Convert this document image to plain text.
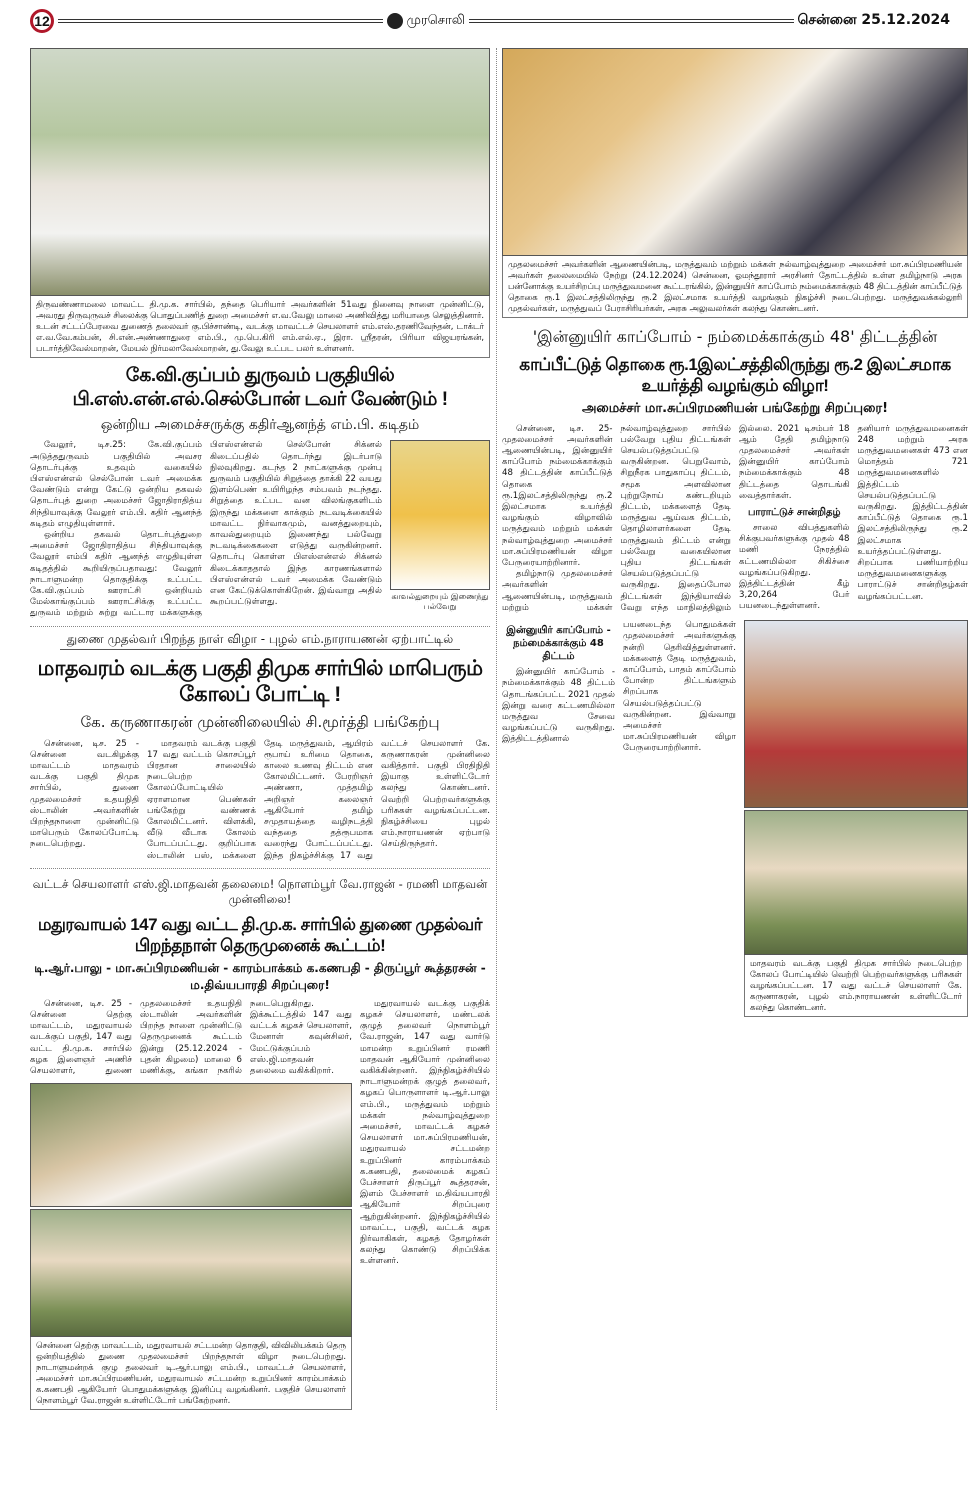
12	முரசொலி	சென்னை 25.12.2024
திருவண்ணாமலை மாவட்ட தி.மு.க. சார்பில், தந்தை பெரியார் அவர்களின் 51வது நினைவு நாளை முன்னிட்டு, அவரது திருவுருவச் சிலைக்கு பொதுப்பணித் துறை அமைச்சர் எ.வ.வேலு மாலை அணிவித்து மரியாதை செலுத்தினார். உடன் சட்டப்பேரவை துணைத் தலைவர் கு.பிச்சாண்டி, வடக்கு மாவட்டச் செயலாளர் எம்.எஸ்.தரணிவேந்தன், டாக்டர் எ.வ.வே.கம்பன், சி.என்.அண்ணாதுரை எம்.பி., மு.பெ.கிரி எம்.எல்.ஏ., இரா. ஸ்ரீதரன், பிரியா விஜயரங்கன், படார்த்திவேல்மாறன், மேயல் நிர்மலாவேல்மாறன், து.வேலு உட்பட பலர் உள்ளனர்.
கே.வி.குப்பம் துருவம் பகுதியில் பி.எஸ்.என்.எல்.செல்போன் டவர் வேண்டும் !
ஒன்றிய அமைச்சருக்கு கதிர்ஆனந்த் எம்.பி. கடிதம்

வேலூர், டிச.25: கே.வி.குப்பம் அடுத்ததுருவம் பகுதியில் அவசர தொடர்புக்கு உதவும் வகையில் பிஎஸ்என்எல் செல்போன் டவர் அமைக்க வேண்டும் என்று கேட்டு ஒன்றிய தகவல் தொடர்புத் துறை அமைச்சர் ஜோதிராதித்ய சிந்தியாவுக்கு வேலூர் எம்.பி. கதிர் ஆனந்த் கடிதம் எழுதியுள்ளார்.

ஒன்றிய தகவல் தொடர்புத்துறை அமைச்சர் ஜோதிராதித்ய சிந்தியாவுக்கு வேலூர் எம்பி கதிர் ஆனந்த் எழுதியுள்ள கடிதத்தில் கூறியிருப்பதாவது: வேலூர் நாடாளுமன்ற தொகுதிக்கு உட்பட்ட கே.வி.குப்பம் ஊராட்சி ஒன்றியம் மேல்காங்குப்பம் ஊராட்சிக்கு உட்பட்ட துருவம் மற்றும் சுற்று வட்டார மக்களுக்கு பிஎஸ்என்எல் செல்போன் சிக்னல் கிடைப்பதில் தொடர்ந்து இடர்பாடு நிலவுகிறது. கடந்த 2 நாட்களுக்கு முன்பு துருவம் பகுதியில் சிறுத்தை தாக்கி 22 வயது இளம்பெண் உயிரிழந்த சம்பவம் நடந்தது. சிறுத்தை உட்பட வன விலங்குகளிடம் இருந்து மக்களை காக்கும் நடவடிக்கையில் மாவட்ட நிர்வாகமும், வனத்துறையும், காவல்துறையும் இணைந்து பல்வேறு நடவடிக்கைகளை எடுத்து வருகின்றனர். தொடர்பு கொள்ள பிஎஸ்என்எல் சிக்னல் கிடைக்காததால் இந்த காரணங்களால் பிஎஸ்என்எல் டவர் அமைக்க வேண்டும் என கேட்டுக்கொள்கிறேன். இவ்வாறு அதில் கூறப்பட்டுள்ளது.

காவல்துறையும் இணைந்து பல்வேறு
துணை முதல்வர் பிறந்த நாள் விழா - புழல் எம்.நாராயணன் ஏற்பாட்டில்
மாதவரம் வடக்கு பகுதி திமுக சார்பில் மாபெரும் கோலப் போட்டி !
கே. கருணாகரன் முன்னிலையில் சி.மூர்த்தி பங்கேற்பு

சென்னை, டிச. 25 - சென்னை வடகிழக்கு மாவட்டம் மாதவரம் வடக்கு பகுதி திமுக சார்பில், துணை முதலமைச்சர் உதயநிதி ஸ்டாலின் அவர்களின் பிறந்தநாளை முன்னிட்டு மாபெரும் கோலப்போட்டி நடைபெற்றது.

மாதவரம் வடக்கு பகுதி 17 வது வட்டம் கொசப்பூர் பிரதான சாலையில் நடைபெற்ற கோலப்போட்டியில் ஏராளமான பெண்கள் பங்கேற்று வண்ணக் கோலமிட்டனர். விளக்கி, வீடு வீடாக கோலம் போடப்பட்டது. குறிப்பாக ஸ்டாலின் பஸ், மக்களை தேடி மருத்துவம், ஆயிரம் ரூபாய் உரிமை தொகை, காலை உணவு திட்டம் என கோலமிட்டனர். பேரறிஞர் அண்ணா, முத்தமிழ் அறிஞர் கலைஞர் ஆகியோர் தமிழ் சமுதாயத்தை வழிநடத்தி வந்ததை தத்ரூபமாக வரைந்து போட்டப்பட்டது. இந்த நிகழ்ச்சிக்கு 17 வது வட்டச் செயலாளர் கே. கருணாகரன் முன்னிலை வகித்தார். பகுதி பிரதிநிதி இயாகு உள்ளிட்டோர் கலந்து கொண்டனர். வெற்றி பெற்றவர்களுக்கு பரிசுகள் வழங்கப்பட்டன. நிகழ்ச்சியை புழல் எம்.நாராயணன் ஏற்பாடு செய்திருந்தார்.

வட்டச் செயலாளர் எஸ்.ஜி.மாதவன் தலைமை! நொளம்பூர் வே.ராஜன் - ரமணி மாதவன் முன்னிலை!
மதுரவாயல் 147 வது வட்ட தி.மு.க. சார்பில் துணை முதல்வர் பிறந்தநாள் தெருமுனைக் கூட்டம்!
டி.ஆர்.பாலு - மா.சுப்பிரமணியன் - காரம்பாக்கம் க.கணபதி - திருப்பூர் கூத்தரசன் - ம.திவ்யபாரதி சிறப்புரை!

சென்னை, டிச. 25 - சென்னை தெற்கு மாவட்டம், மதுரவாயல் வடக்குப் பகுதி, 147 வது வட்ட தி.மு.க. சார்பில் கழக இளைஞர் அணிச் செயலாளர், துணை முதலமைச்சர் உதயநிதி ஸ்டாலின் அவர்களின் பிறந்த நாளை முன்னிட்டு தெருமுனைக் கூட்டம் இன்று (25.12.2024 - புதன் கிழமை) மாலை 6 மணிக்கு, கங்கா நகரில் நடைபெறுகிறது. இக்கூட்டத்தில் 147 வது வட்டக் கழகச் செயலாளர், மேனாள் கவுன்சிலர், மேட்டுக்குப்பம் எஸ்.ஜி.மாதவன் தலைமை வகிக்கிறார்.

சென்னை தெற்கு மாவட்டம், மதுரவாயல் சட்டமன்ற தொகுதி, விவிலியக்கம் தெரு ஒன்றியத்தில் துணை முதலமைச்சர் பிறந்தநாள் விழா நடைபெற்றது. நாடாளுமன்றக் குழு தலைவர் டி.ஆர்.பாலு எம்.பி., மாவட்டச் செயலாளர், அமைச்சர் மா.சுப்பிரமணியன், மதுரவாயல் சட்டமன்ற உறுப்பினர் காரம்பாக்கம் க.கணபதி ஆகியோர் பொதுமக்களுக்கு இனிப்பு வழங்கினர். பகுதிச் செயலாளர் நொளம்பூர் வே.ராஜன் உள்ளிட்டோர் பங்கேற்றனர்.

மதுரவாயல் வடக்கு பகுதிக் கழகச் செயலாளர், மண்டலக் குழுத் தலைவர் நொளம்பூர் வே.ராஜன், 147 வது வார்டு மாமன்ற உறுப்பினர் ரமணி மாதவன் ஆகியோர் முன்னிலை வகிக்கின்றனர். இந்நிகழ்ச்சியில் நாடாளுமன்றக் குழுத் தலைவர், கழகப் பொருளாளர் டி.ஆர்.பாலு எம்.பி., மருத்துவம் மற்றும் மக்கள் நல்வாழ்வுத்துறை அமைச்சர், மாவட்டக் கழகச் செயலாளர் மா.சுப்பிரமணியன், மதுரவாயல் சட்டமன்ற உறுப்பினர் காரம்பாக்கம் க.கணபதி, தலைமைக் கழகப் பேச்சாளர் திருப்பூர் கூத்தரசன், இளம் பேச்சாளர் ம.திவ்யபாரதி ஆகியோர் சிறப்புரை ஆற்றுகின்றனர். இந்நிகழ்ச்சியில் மாவட்ட, பகுதி, வட்டக் கழக நிர்வாகிகள், கழகத் தோழர்கள் கலந்து கொண்டு சிறப்பிக்க உள்ளனர்.

முதலமைச்சர் அவர்களின் ஆணையின்படி, மருத்துவம் மற்றும் மக்கள் நல்வாழ்வுத்துறை அமைச்சர் மா.சுப்பிரமணியன் அவர்கள் தலைமையில் நேற்று (24.12.2024) சென்னை, ஓமந்தூரார் அரசினர் தோட்டத்தில் உள்ள தமிழ்நாடு அரசு பன்னோக்கு உயர்சிறப்பு மருத்துவமனை கூட்டரங்கில், இன்னுயிர் காப்போம் நம்மைக்காக்கும் 48 திட்டத்தின் காப்பீட்டுத் தொகை ரூ.1 இலட்சத்திலிருந்து ரூ.2 இலட்சமாக உயர்த்தி வழங்கும் நிகழ்ச்சி நடைபெற்றது. மருத்துவக்கல்லூரி முதல்வர்கள், மருத்துவப் பேராசிரியர்கள், அரசு அலுவலர்கள் கலந்து கொண்டனர்.
'இன்னுயிர் காப்போம் - நம்மைக்காக்கும் 48' திட்டத்தின்
காப்பீட்டுத் தொகை ரூ.1இலட்சத்திலிருந்து ரூ.2 இலட்சமாக உயர்த்தி வழங்கும் விழா!
அமைச்சர் மா.சுப்பிரமணியன் பங்கேற்று சிறப்புரை!

சென்னை, டிச. 25- முதலமைச்சர் அவர்களின் ஆணையின்படி, இன்னுயிர் காப்போம் நம்மைக்காக்கும் 48 திட்டத்தின் காப்பீட்டுத் தொகை ரூ.1இலட்சத்திலிருந்து ரூ.2 இலட்சமாக உயர்த்தி வழங்கும் விழாவில் மருத்துவம் மற்றும் மக்கள் நல்வாழ்வுத்துறை அமைச்சர் மா.சுப்பிரமணியன் விழா பேருரையாற்றினார்.

தமிழ்நாடு முதலமைச்சர் அவர்களின் ஆணையின்படி, மருத்துவம் மற்றும் மக்கள் நல்வாழ்வுத்துறை சார்பில் பல்வேறு புதிய திட்டங்கள் செயல்படுத்தப்பட்டு வருகின்றன. பெறுவோம், சிறுநீரக பாதுகாப்பு திட்டம், சமூக அளவிலான புற்றுநோய் கண்டறியும் திட்டம், மக்களைத் தேடி மருத்துவ ஆய்வக திட்டம், தொழிலாளர்களை தேடி மருத்துவம் திட்டம் என்று பல்வேறு வகையிலான புதிய திட்டங்கள் செயல்படுத்தப்பட்டு வருகிறது. இதைப்போல திட்டங்கள் இந்தியாவில் வேறு எந்த மாநிலத்திலும் இல்லை. 2021 டிசம்பர் 18 ஆம் தேதி தமிழ்நாடு முதலமைச்சர் அவர்கள் இன்னுயிர் காப்போம் நம்மைக்காக்கும் 48 திட்டத்தை தொடங்கி வைத்தார்கள்.

பாராட்டுச் சான்றிதழ்

சாலை விபத்துகளில் சிக்குபவர்களுக்கு முதல் 48 மணி நேரத்தில் கட்டணமில்லா சிகிச்சை வழங்கப்படுகிறது. இத்திட்டத்தின் கீழ் 3,20,264 பேர் பயனடைந்துள்ளனர். தனியார் மருத்துவமனைகள் 248 மற்றும் அரசு மருத்துவமனைகள் 473 என மொத்தம் 721 மருத்துவமனைகளில் இத்திட்டம் செயல்படுத்தப்பட்டு வருகிறது. இத்திட்டத்தின் காப்பீட்டுத் தொகை ரூ.1 இலட்சத்திலிருந்து ரூ.2 இலட்சமாக உயர்த்தப்பட்டுள்ளது. சிறப்பாக பணியாற்றிய மருத்துவமனைகளுக்கு பாராட்டுச் சான்றிதழ்கள் வழங்கப்பட்டன.

இன்னுயிர் காப்போம் - நம்மைக்காக்கும் 48 திட்டம்

இன்னுயிர் காப்போம் - நம்மைக்காக்கும் 48 திட்டம் தொடங்கப்பட்ட 2021 முதல் இன்று வரை கட்டணமில்லா மருத்துவ சேவை வழங்கப்பட்டு வருகிறது. இத்திட்டத்தினால் பயனடைந்த பொதுமக்கள் முதலமைச்சர் அவர்களுக்கு நன்றி தெரிவித்துள்ளனர். மக்களைத் தேடி மருத்துவம், காப்போம், பாதம் காப்போம் போன்ற திட்டங்களும் சிறப்பாக செயல்படுத்தப்பட்டு வருகின்றன. இவ்வாறு அமைச்சர் மா.சுப்பிரமணியன் விழா பேருரையாற்றினார்.

மாதவரம் வடக்கு பகுதி திமுக சார்பில் நடைபெற்ற கோலப் போட்டியில் வெற்றி பெற்றவர்களுக்கு பரிசுகள் வழங்கப்பட்டன. 17 வது வட்டச் செயலாளர் கே. கருணாகரன், புழல் எம்.நாராயணன் உள்ளிட்டோர் கலந்து கொண்டனர்.
